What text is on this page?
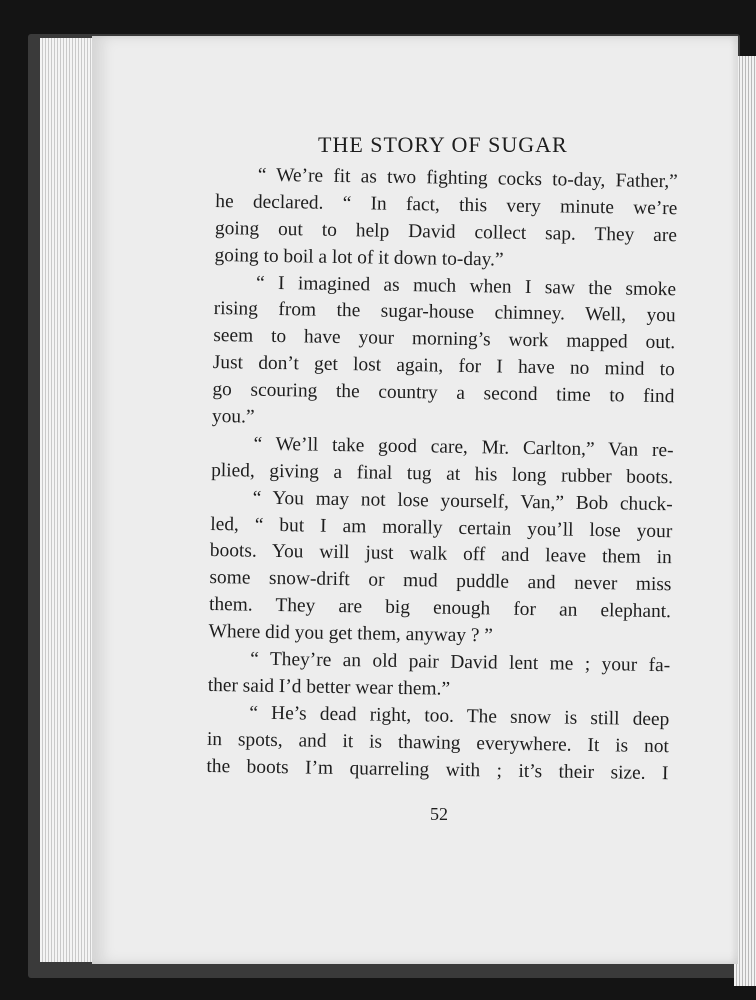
THE STORY OF SUGAR
“ We’re fit as two fighting cocks to-day, Father,”
he declared. “ In fact, this very minute we’re
going out to help David collect sap. They are
going to boil a lot of it down to-day.”
“ I imagined as much when I saw the smoke
rising from the sugar-house chimney. Well, you
seem to have your morning’s work mapped out.
Just don’t get lost again, for I have no mind to
go scouring the country a second time to find
you.”
“ We’ll take good care, Mr. Carlton,” Van re-
plied, giving a final tug at his long rubber boots.
“ You may not lose yourself, Van,” Bob chuck-
led, “ but I am morally certain you’ll lose your
boots. You will just walk off and leave them in
some snow-drift or mud puddle and never miss
them. They are big enough for an elephant.
Where did you get them, anyway ? ”
“ They’re an old pair David lent me ; your fa-
ther said I’d better wear them.”
“ He’s dead right, too. The snow is still deep
in spots, and it is thawing everywhere. It is not
the boots I’m quarreling with ; it’s their size. I

52
